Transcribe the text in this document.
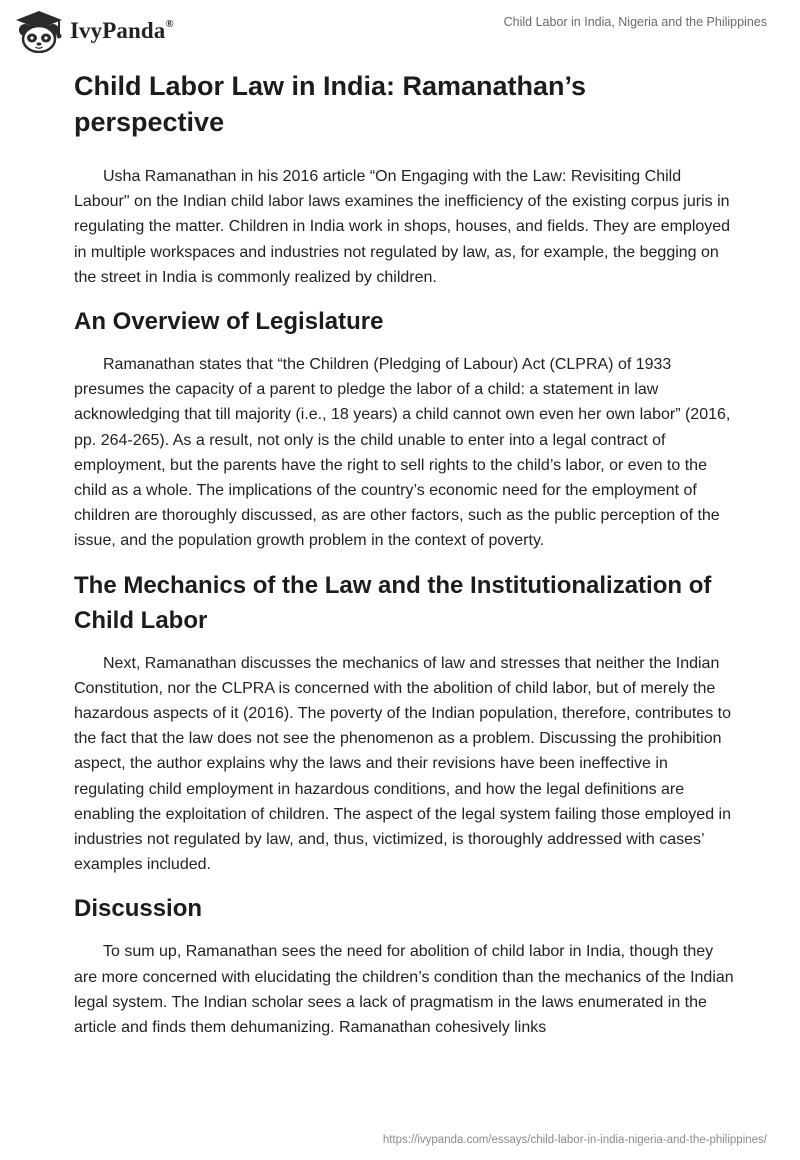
IvyPanda®	Child Labor in India, Nigeria and the Philippines
Child Labor Law in India: Ramanathan’s perspective

Usha Ramanathan in his 2016 article “On Engaging with the Law: Revisiting Child Labour" on the Indian child labor laws examines the inefficiency of the existing corpus juris in regulating the matter. Children in India work in shops, houses, and fields. They are employed in multiple workspaces and industries not regulated by law, as, for example, the begging on the street in India is commonly realized by children.

An Overview of Legislature

Ramanathan states that “the Children (Pledging of Labour) Act (CLPRA) of 1933 presumes the capacity of a parent to pledge the labor of a child: a statement in law acknowledging that till majority (i.e., 18 years) a child cannot own even her own labor” (2016, pp. 264-265). As a result, not only is the child unable to enter into a legal contract of employment, but the parents have the right to sell rights to the child’s labor, or even to the child as a whole. The implications of the country’s economic need for the employment of children are thoroughly discussed, as are other factors, such as the public perception of the issue, and the population growth problem in the context of poverty.

The Mechanics of the Law and the Institutionalization of Child Labor

Next, Ramanathan discusses the mechanics of law and stresses that neither the Indian Constitution, nor the CLPRA is concerned with the abolition of child labor, but of merely the hazardous aspects of it (2016). The poverty of the Indian population, therefore, contributes to the fact that the law does not see the phenomenon as a problem. Discussing the prohibition aspect, the author explains why the laws and their revisions have been ineffective in regulating child employment in hazardous conditions, and how the legal definitions are enabling the exploitation of children. The aspect of the legal system failing those employed in industries not regulated by law, and, thus, victimized, is thoroughly addressed with cases’ examples included.

Discussion

To sum up, Ramanathan sees the need for abolition of child labor in India, though they are more concerned with elucidating the children’s condition than the mechanics of the Indian legal system. The Indian scholar sees a lack of pragmatism in the laws enumerated in the article and finds them dehumanizing. Ramanathan cohesively links

https://ivypanda.com/essays/child-labor-in-india-nigeria-and-the-philippines/
